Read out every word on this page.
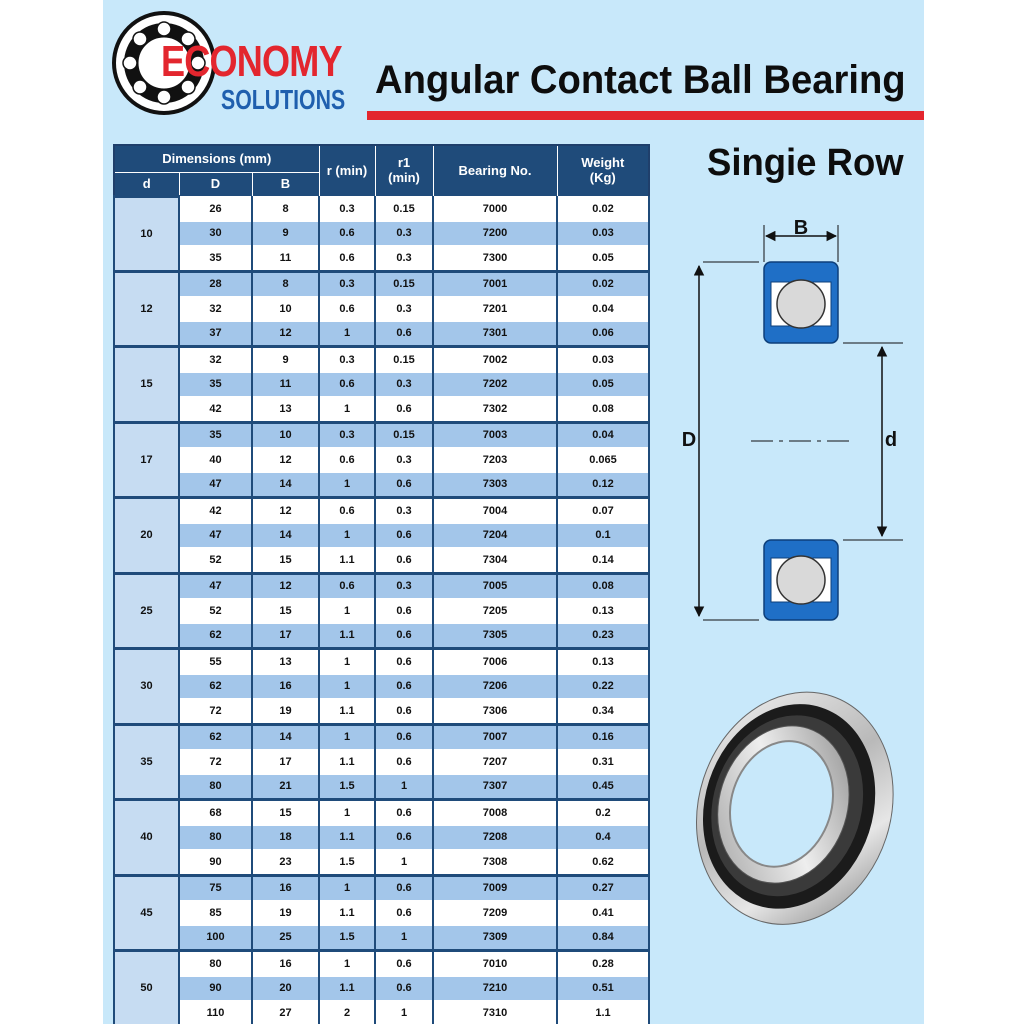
ECONOMY
SOLUTIONS Angular Contact Ball Bearing
Singie Row
Dimensions (mm)			r (min)	r1
(min)	Bearing No.	Weight
(Kg)
d	D	B				
10	26	8	0.3	0.15	7000	0.02
	30	9	0.6	0.3	7200	0.03
	35	11	0.6	0.3	7300	0.05
12	28	8	0.3	0.15	7001	0.02
	32	10	0.6	0.3	7201	0.04
	37	12	1	0.6	7301	0.06
15	32	9	0.3	0.15	7002	0.03
	35	11	0.6	0.3	7202	0.05
	42	13	1	0.6	7302	0.08
17	35	10	0.3	0.15	7003	0.04
	40	12	0.6	0.3	7203	0.065
	47	14	1	0.6	7303	0.12
20	42	12	0.6	0.3	7004	0.07
	47	14	1	0.6	7204	0.1
	52	15	1.1	0.6	7304	0.14
25	47	12	0.6	0.3	7005	0.08
	52	15	1	0.6	7205	0.13
	62	17	1.1	0.6	7305	0.23
30	55	13	1	0.6	7006	0.13
	62	16	1	0.6	7206	0.22
	72	19	1.1	0.6	7306	0.34
35	62	14	1	0.6	7007	0.16
	72	17	1.1	0.6	7207	0.31
	80	21	1.5	1	7307	0.45
40	68	15	1	0.6	7008	0.2
	80	18	1.1	0.6	7208	0.4
	90	23	1.5	1	7308	0.62
45	75	16	1	0.6	7009	0.27
	85	19	1.1	0.6	7209	0.41
	100	25	1.5	1	7309	0.84
50	80	16	1	0.6	7010	0.28
	90	20	1.1	0.6	7210	0.51
	110	27	2	1	7310	1.1
B
D	d
